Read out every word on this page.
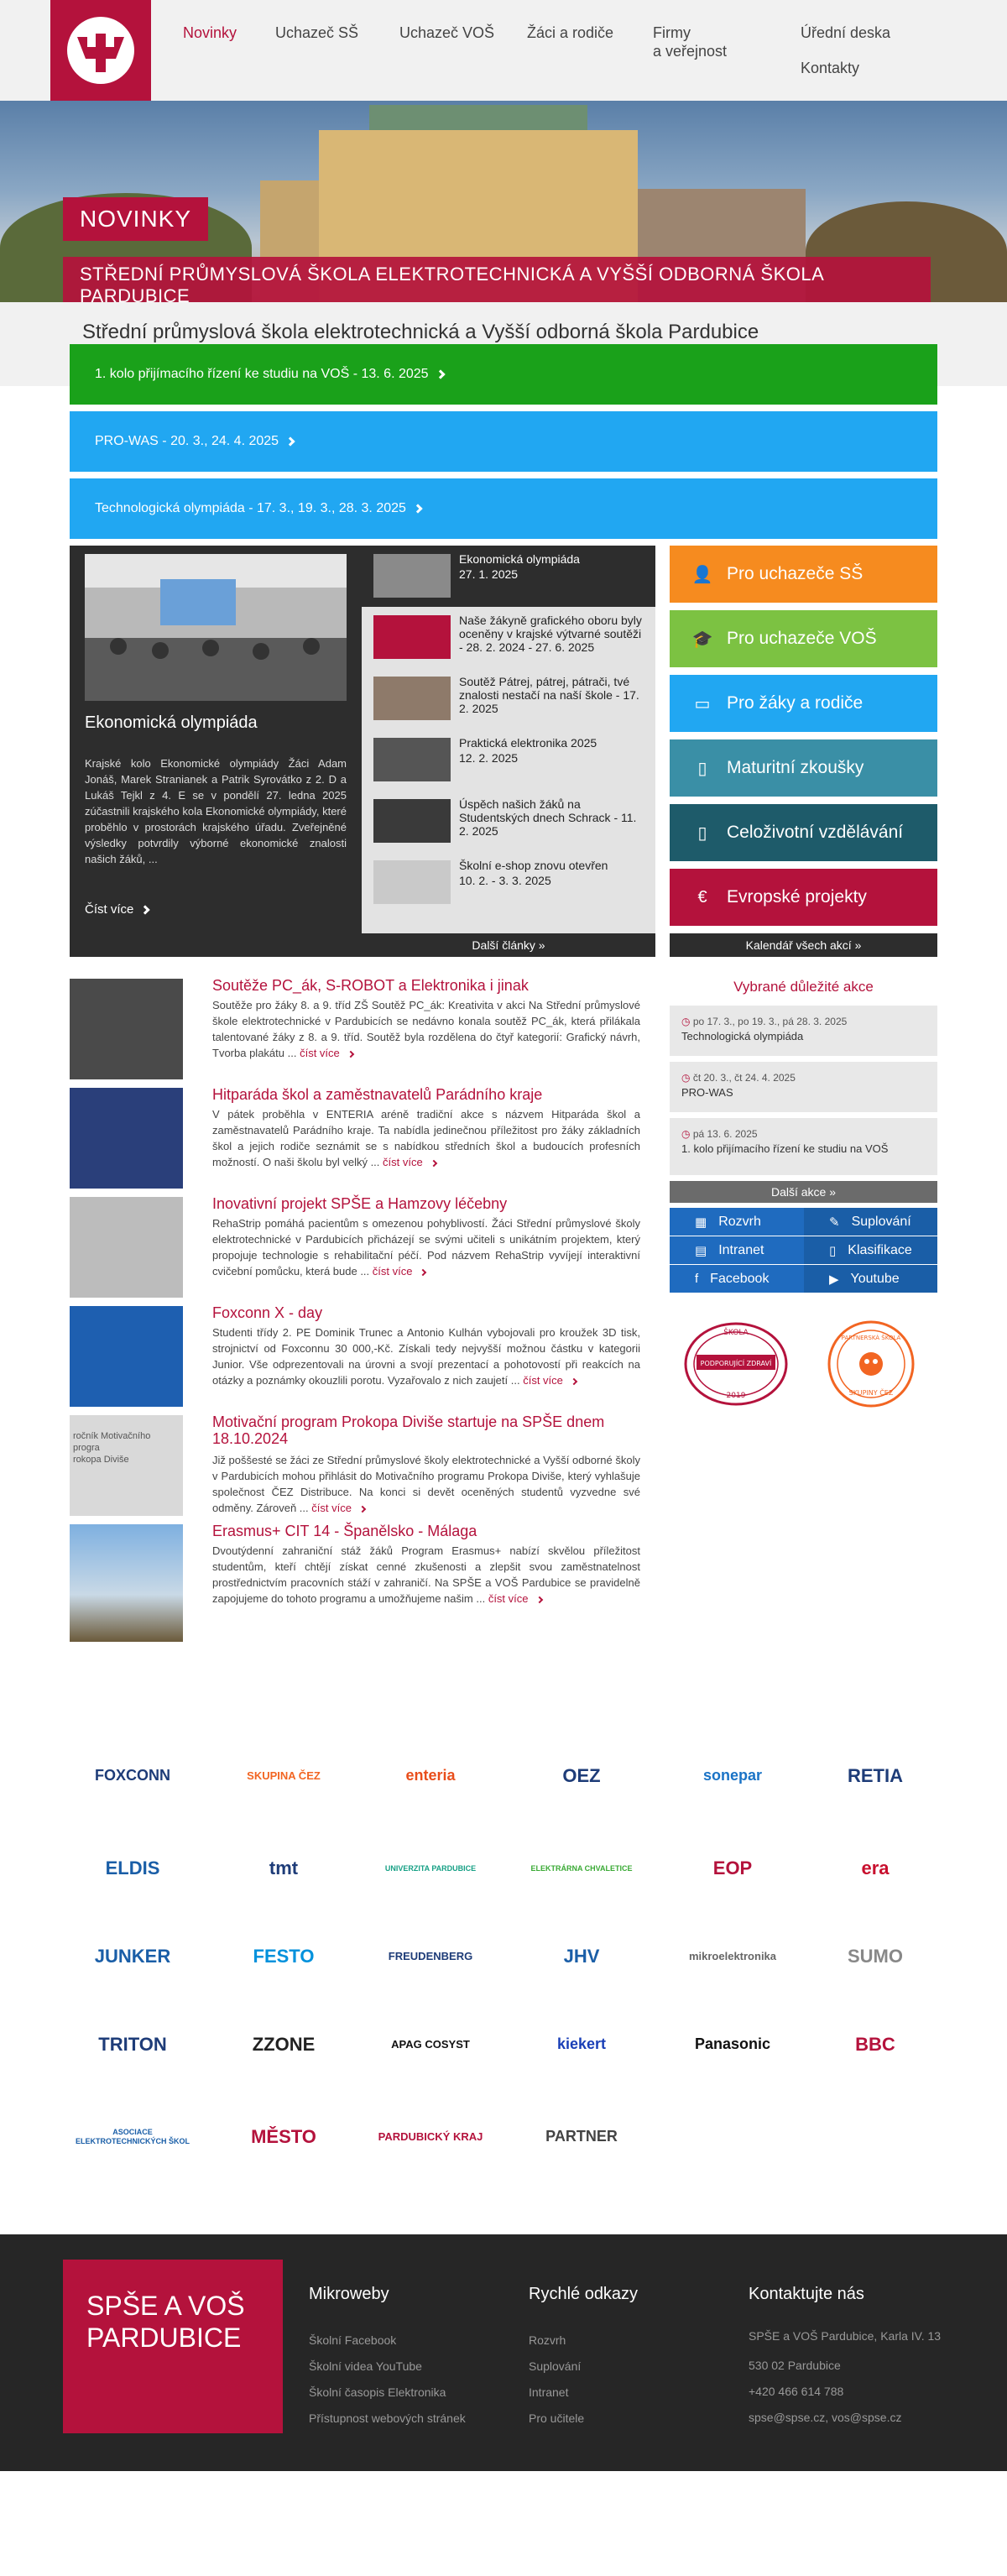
Novinky	Uchazeč SŠ	Uchazeč VOŠ Žáci a rodiče	Firmy
a veřejnost
Úřední deska
Kontakty
NOVINKY
STŘEDNÍ PRŮMYSLOVÁ ŠKOLA ELEKTROTECHNICKÁ A VYŠŠÍ ODBORNÁ ŠKOLA PARDUBICE
Střední průmyslová škola elektrotechnická a Vyšší odborná škola Pardubice
1. kolo přijímacího řízení ke studiu na VOŠ - 13. 6. 2025
PRO-WAS - 20. 3., 24. 4. 2025
Technologická olympiáda - 17. 3., 19. 3., 28. 3. 2025
Ekonomická olympiáda

Krajské kolo Ekonomické olympiády Žáci Adam Jonáš, Marek Stranianek a Patrik Syrovátko z 2. D a Lukáš Tejkl z 4. E se v pondělí 27. ledna 2025 zúčastnili krajského kola Ekonomické olympiády, které proběhlo v prostorách krajského úřadu. Zveřejněné výsledky potvrdily výborné ekonomické znalosti našich žáků, ...

Číst více
Ekonomická olympiáda
27. 1. 2025
Naše žákyně grafického oboru byly oceněny v krajské výtvarné soutěži - 28. 2. 2024 - 27. 6. 2025
Soutěž Pátrej, pátrej, pátrači, tvé znalosti nestačí na naší škole - 17. 2. 2025
Praktická elektronika 2025
12. 2. 2025
Úspěch našich žáků na Studentských dnech Schrack - 11. 2. 2025
Školní e-shop znovu otevřen
10. 2. - 3. 3. 2025
Další články
»
👤 Pro uchazeče SŠ
🎓 Pro uchazeče VOŠ
▭ Pro žáky a rodiče
▯	Maturitní zkoušky
▯	Celoživotní vzdělávání
€	Evropské projekty
Kalendář všech akcí
»
Soutěže PC_ák, S-ROBOT a Elektronika i jinak

Soutěže pro žáky 8. a 9. tříd ZŠ Soutěž PC_ák: Kreativita v akci Na Střední průmyslové škole elektrotechnické v Pardubicích se nedávno konala soutěž PC_ák, která přilákala talentované žáky z 8. a 9. tříd. Soutěž byla rozdělena do čtyř kategorií: Grafický návrh, Tvorba plakátu ... číst více

Hitparáda škol a zaměstnavatelů Parádního kraje

V pátek proběhla v ENTERIA aréně tradiční akce s názvem Hitparáda škol a zaměstnavatelů Parádního kraje. Ta nabídla jedinečnou příležitost pro žáky základních škol a jejich rodiče seznámit se s nabídkou středních škol a budoucích profesních možností. O naši školu byl velký ... číst více

Inovativní projekt SPŠE a Hamzovy léčebny

RehaStrip pomáhá pacientům s omezenou pohyblivostí. Žáci Střední průmyslové školy elektrotechnické v Pardubicích přicházejí se svými učiteli s unikátním projektem, který propojuje technologie s rehabilitační péčí. Pod názvem RehaStrip vyvíjejí interaktivní cvičební pomůcku, která bude ... číst více

Foxconn X - day

Studenti třídy 2. PE Dominik Trunec a Antonio Kulhán vybojovali pro kroužek 3D tisk, strojnictví od Foxconnu 30 000,-Kč. Získali tedy nejvyšší možnou částku v kategorii Junior. Vše odprezentovali na úrovni a svojí prezentací a pohotovostí při reakcích na otázky a poznámky okouzlili porotu. Vyzařovalo z nich zaujetí ... číst více

ročník Motivačního progra
rokopa Diviše
Motivační program Prokopa Diviše startuje na SPŠE dnem 18.10.2024

Již poššesté se žáci ze Střední průmyslové školy elektrotechnické a Vyšší odborné školy v Pardubicích mohou přihlásit do Motivačního programu Prokopa Diviše, který vyhlašuje společnost ČEZ Distribuce. Na konci si devět oceněných studentů vyzvedne své odměny. Zároveň ... číst více

Erasmus+ CIT 14 - Španělsko - Málaga

Dvoutýdenní zahraniční stáž žáků Program Erasmus+ nabízí skvělou příležitost studentům, kteří chtějí získat cenné zkušenosti a zlepšit svou zaměstnatelnost prostřednictvím pracovních stáží v zahraničí. Na SPŠE a VOŠ Pardubice se pravidelně zapojujeme do tohoto programu a umožňujeme našim ... číst více

Vybrané důležité akce
◷ po 17. 3., po 19. 3., pá 28. 3. 2025
Technologická olympiáda
◷ čt 20. 3., čt 24. 4. 2025
PRO-WAS
◷ pá 13. 6. 2025
1. kolo přijímacího řízení ke studiu na VOŠ
Další akce
»
▦ Rozvrh	✎ Suplování
▤ Intranet	▯ Klasifikace
f Facebook	▶ Youtube
ŠKOLA
PODPORUJÍCÍ ZDRAVÍ
2019
PARTNERSKÁ ŠKOLA
SKUPINY ČEZ
FOXCONN	SKUPINA ČEZ	enteria	OEZ	sonepar	RETIA
ELDIS	tmt	UNIVERZITA PARDUBICE	ELEKTRÁRNA CHVALETICE	EOP	era
JUNKER	FESTO	FREUDENBERG	JHV	mikroelektronika	SUMO
TRITON	ZZONE	APAG COSYST	kiekert	Panasonic	BBC
ASOCIACE ELEKTROTECHNICKÝCH ŠKOL	MĚSTO	PARDUBICKÝ KRAJ	PARTNER
SPŠE A VOŠ PARDUBICE
Mikroweby
Školní Facebook
Školní videa YouTube
Školní časopis Elektronika
Přístupnost webových stránek
Rychlé odkazy
Rozvrh
Suplování
Intranet
Pro učitele
Kontaktujte nás
SPŠE a VOŠ Pardubice, Karla IV. 13
530 02 Pardubice
+420 466 614 788
spse@spse.cz, vos@spse.cz
